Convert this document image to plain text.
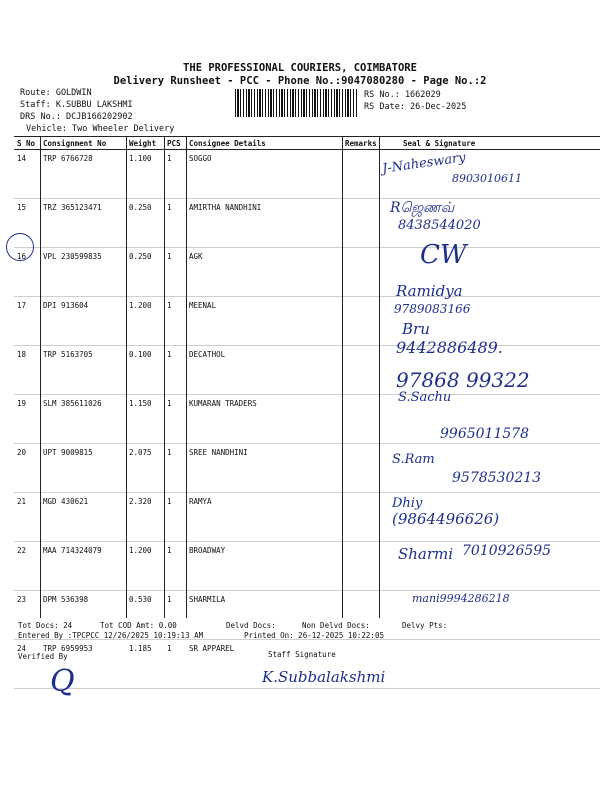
THE PROFESSIONAL COURIERS, COIMBATORE
Delivery Runsheet - PCC - Phone No.:9047080280 - Page No.:2
Route: GOLDWIN
Staff: K.SUBBU LAKSHMI
DRS No.: DCJB166202902
Vehicle: Two Wheeler Delivery
RS No.: 1662029
RS Date: 26-Dec-2025
S No	Consignment No	Weight	PCS	Consignee Details	Remarks	Seal & Signature
14	TRP 6766728	1.100	1	SOGGO		
15	TRZ 365123471	0.250	1	AMIRTHA NANDHINI		
16	VPL 230599835	0.250	1	AGK		
17	DPI 913604	1.200	1	MEENAL		
18	TRP 5163705	0.100	1	DECATHOL		
19	SLM 385611026	1.150	1	KUMARAN TRADERS		
20	UPT 9009815	2.075	1	SREE NANDHINI		
21	MGD 430621	2.320	1	RAMYA		
22	MAA 714324079	1.200	1	BROADWAY		
23	DPM 536398	0.530	1	SHARMILA		
24	TRP 6959953	1.185	1	SR APPAREL		
J-Naheswary
8903010611
Rஜெணவ்
8438544020
CW
Ramidya
9789083166
Bru
9442886489.
97868 99322
S.Sachu
9965011578
S.Ram
9578530213
Dhiy
(9864496626)
Sharmi 7010926595
mani9994286218
Tot Docs: 24	Tot COD Amt: 0.00	Delvd Docs:	Non Delvd Docs:	Delvy Pts:
Entered By :TPCPCC 12/26/2025 10:19:13 AM	Printed On: 26-12-2025 10:22:05
Verified By	Staff Signature
Q	K.Subbalakshmi
